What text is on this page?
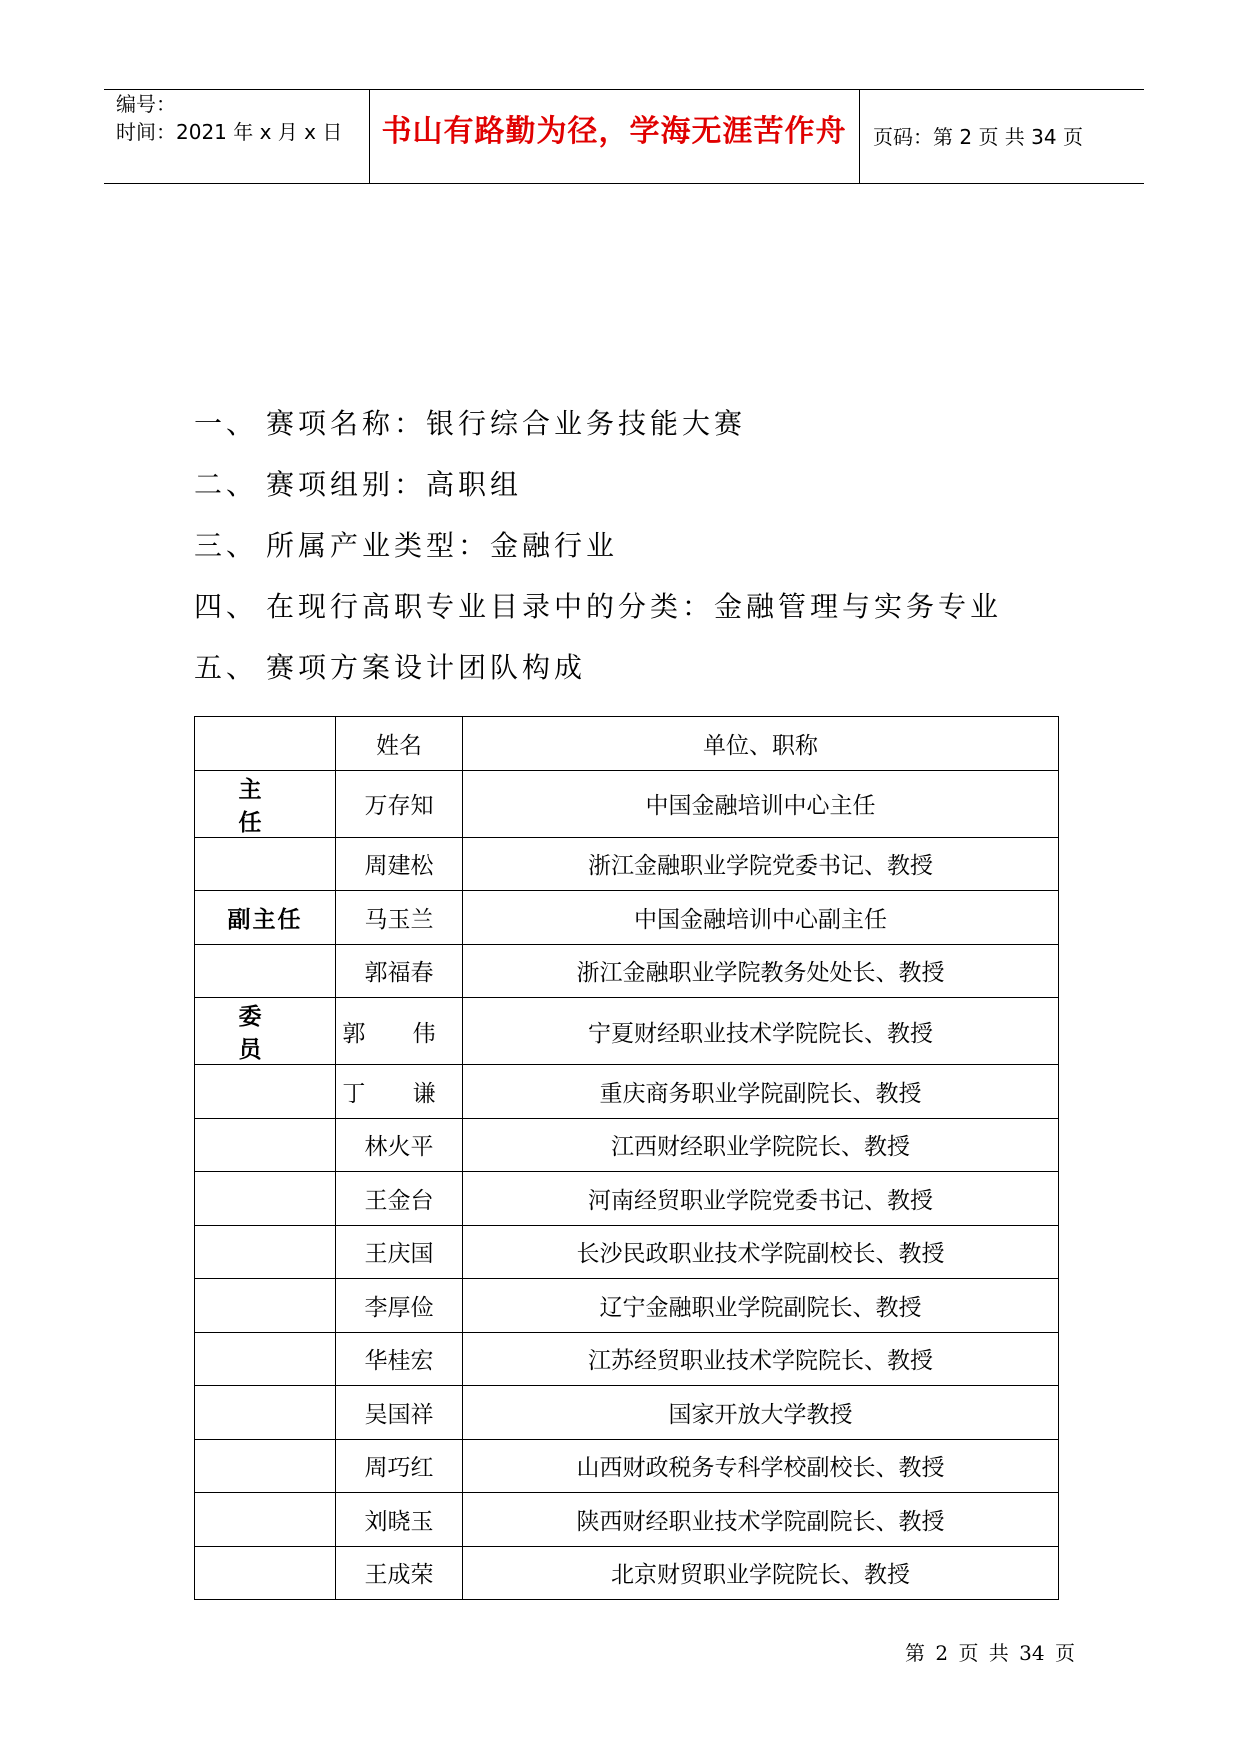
编号：
时间：2021 年 x 月 x 日	书山有路勤为径，学海无涯苦作舟	页码：第 2 页 共 34 页
一、 赛项名称：银行综合业务技能大赛
二、 赛项组别：高职组
三、 所属产业类型：金融行业
四、 在现行高职专业目录中的分类：金融管理与实务专业
五、 赛项方案设计团队构成
	姓名	单位、职称
主 任	万存知	中国金融培训中心主任
	周建松	浙江金融职业学院党委书记、教授
副主任	马玉兰	中国金融培训中心副主任
	郭福春	浙江金融职业学院教务处处长、教授
委 员	郭 伟	宁夏财经职业技术学院院长、教授
	丁 谦	重庆商务职业学院副院长、教授
	林火平	江西财经职业学院院长、教授
	王金台	河南经贸职业学院党委书记、教授
	王庆国	长沙民政职业技术学院副校长、教授
	李厚俭	辽宁金融职业学院副院长、教授
	华桂宏	江苏经贸职业技术学院院长、教授
	吴国祥	国家开放大学教授
	周巧红	山西财政税务专科学校副校长、教授
	刘晓玉	陕西财经职业技术学院副院长、教授
	王成荣	北京财贸职业学院院长、教授
第 2 页 共 34 页
